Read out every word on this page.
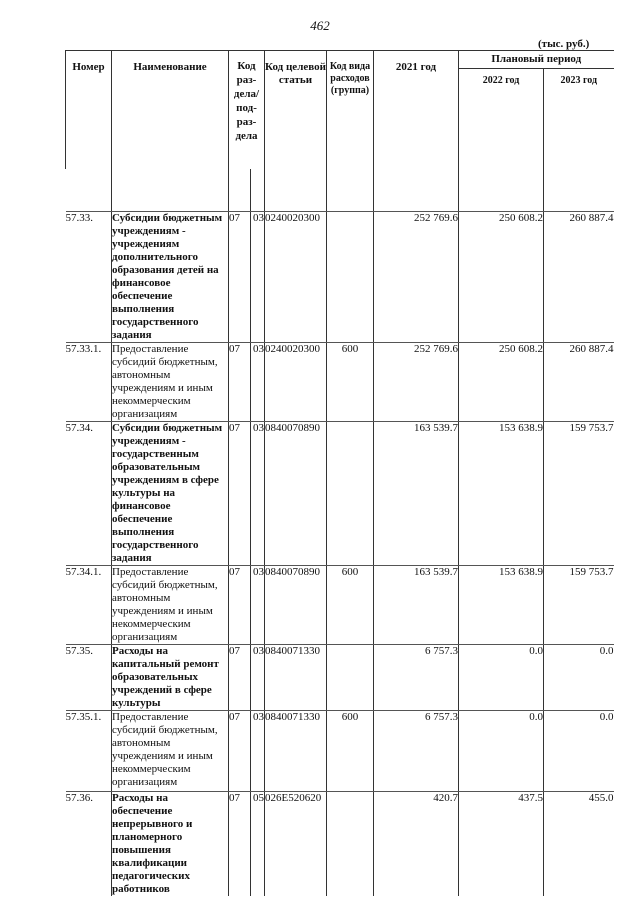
462
(тыс. руб.)
Номер	Наименование	Код раз-дела/ под-раз-дела		Код целевой статьи	Код вида расходов (группа)	2021 год	Плановый период	
							2022 год	2023 год

57.33.	Субсидии бюджетным учреждениям - учреждениям дополнительного образования детей на финансовое обеспечение выполнения государственного задания	07	03	0240020300		252 769.6	250 608.2	260 887.4
57.33.1.	Предоставление субсидий бюджетным, автономным учреждениям и иным некоммерческим организациям	07	03	0240020300	600	252 769.6	250 608.2	260 887.4
57.34.	Субсидии бюджетным учреждениям - государственным образовательным учреждениям в сфере культуры на финансовое обеспечение выполнения государственного задания	07	03	0840070890		163 539.7	153 638.9	159 753.7
57.34.1.	Предоставление субсидий бюджетным, автономным учреждениям и иным некоммерческим организациям	07	03	0840070890	600	163 539.7	153 638.9	159 753.7
57.35.	Расходы на капитальный ремонт образовательных учреждений в сфере культуры	07	03	0840071330		6 757.3	0.0	0.0
57.35.1.	Предоставление субсидий бюджетным, автономным учреждениям и иным некоммерческим организациям	07	03	0840071330	600	6 757.3	0.0	0.0
57.36.	Расходы на обеспечение непрерывного и планомерного повышения квалификации педагогических работников	07	05	026E520620		420.7	437.5	455.0
